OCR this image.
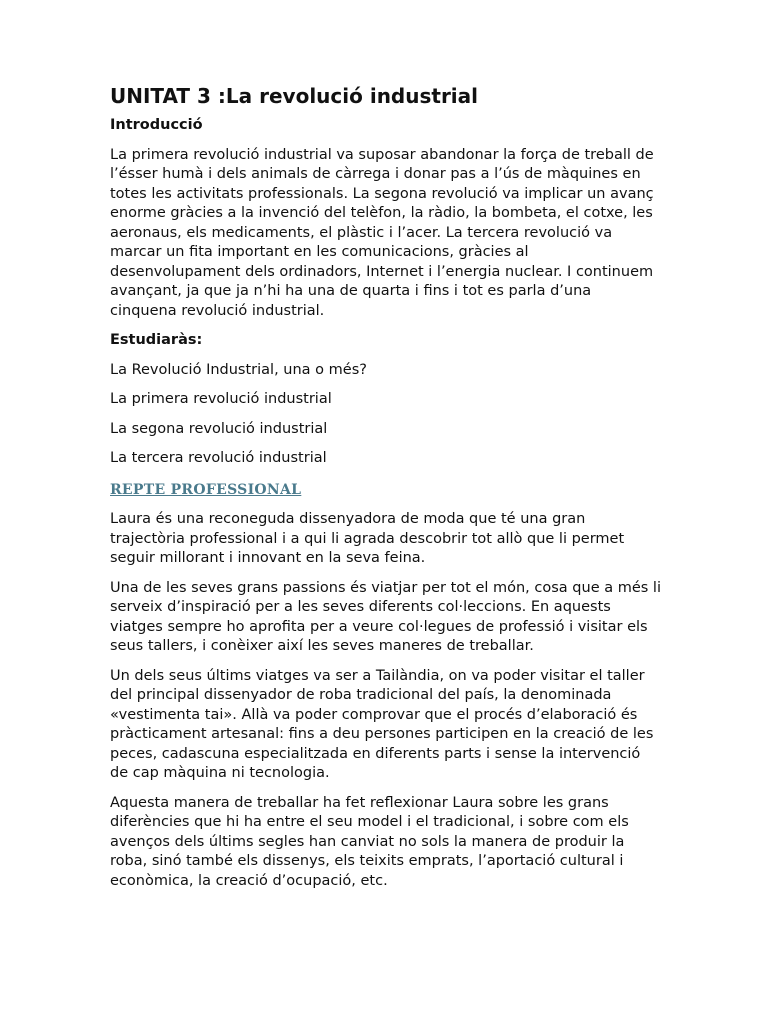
UNITAT 3 :La revolució industrial
Introducció

La primera revolució industrial va suposar abandonar la força de treball de l’ésser humà i dels animals de càrrega i donar pas a l’ús de màquines en totes les activitats professionals. La segona revolució va implicar un avanç enorme gràcies a la invenció del telèfon, la ràdio, la bombeta, el cotxe, les aeronaus, els medicaments, el plàstic i l’acer. La tercera revolució va marcar un fita important en les comunicacions, gràcies al desenvolupament dels ordinadors, Internet i l’energia nuclear. I continuem avançant, ja que ja n’hi ha una de quarta i fins i tot es parla d’una cinquena revolució industrial.

Estudiaràs:
La Revolució Industrial, una o més?
La primera revolució industrial
La segona revolució industrial
La tercera revolució industrial
REPTE PROFESSIONAL

Laura és una reconeguda dissenyadora de moda que té una gran trajectòria professional i a qui li agrada descobrir tot allò que li permet seguir millorant i innovant en la seva feina.

Una de les seves grans passions és viatjar per tot el món, cosa que a més li serveix d’inspiració per a les seves diferents col·leccions. En aquests viatges sempre ho aprofita per a veure col·legues de professió i visitar els seus tallers, i conèixer així les seves maneres de treballar.

Un dels seus últims viatges va ser a Tailàndia, on va poder visitar el taller del principal dissenyador de roba tradicional del país, la denominada «vestimenta tai». Allà va poder comprovar que el procés d’elaboració és pràcticament artesanal: fins a deu persones participen en la creació de les peces, cadascuna especialitzada en diferents parts i sense la intervenció de cap màquina ni tecnologia.

Aquesta manera de treballar ha fet reflexionar Laura sobre les grans diferències que hi ha entre el seu model i el tradicional, i sobre com els avenços dels últims segles han canviat no sols la manera de produir la roba, sinó també els dissenys, els teixits emprats, l’aportació cultural i econòmica, la creació d’ocupació, etc.
